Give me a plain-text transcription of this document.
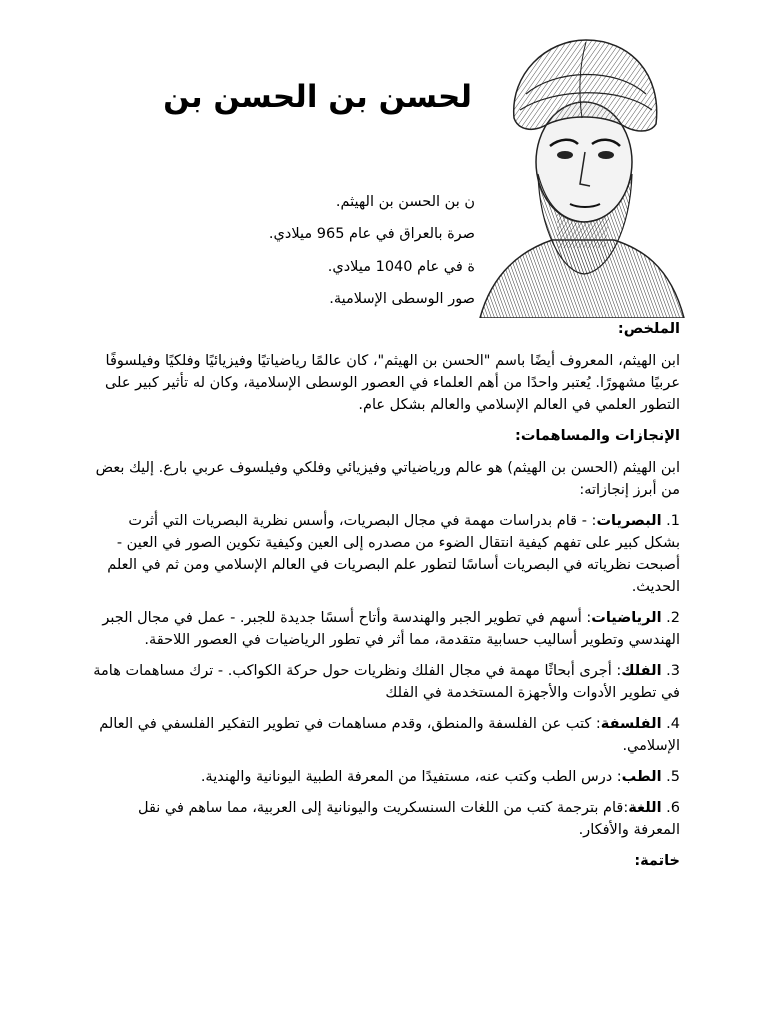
لحسن بن الحسن بن
ن بن الحسن بن الهيثم.
صرة بالعراق في عام 965 ميلادي.
ة في عام 1040 ميلادي.
صور الوسطى الإسلامية.

الملخص:

ابن الهيثم، المعروف أيضًا باسم "الحسن بن الهيثم"، كان عالمًا رياضياتيًا وفيزيائيًا وفلكيًا وفيلسوفًا عربيًا مشهورًا. يُعتبر واحدًا من أهم العلماء في العصور الوسطى الإسلامية، وكان له تأثير كبير على التطور العلمي في العالم الإسلامي والعالم بشكل عام.

الإنجازات والمساهمات:

ابن الهيثم (الحسن بن الهيثم) هو عالم ورياضياتي وفيزيائي وفلكي وفيلسوف عربي بارع. إليك بعض من أبرز إنجازاته:

1. البصريات: - قام بدراسات مهمة في مجال البصريات، وأسس نظرية البصريات التي أثرت بشكل كبير على تفهم كيفية انتقال الضوء من مصدره إلى العين وكيفية تكوين الصور في العين - أصبحت نظرياته في البصريات أساسًا لتطور علم البصريات في العالم الإسلامي ومن ثم في العلم الحديث.

2. الرياضيات: أسهم في تطوير الجبر والهندسة وأتاح أسسًا جديدة للجبر. - عمل في مجال الجبر الهندسي وتطوير أساليب حسابية متقدمة، مما أثر في تطور الرياضيات في العصور اللاحقة.

3. الفلك: أجرى أبحاثًا مهمة في مجال الفلك ونظريات حول حركة الكواكب. - ترك مساهمات هامة في تطوير الأدوات والأجهزة المستخدمة في الفلك

4. الفلسفة: كتب عن الفلسفة والمنطق، وقدم مساهمات في تطوير التفكير الفلسفي في العالم الإسلامي.

5. الطب: درس الطب وكتب عنه، مستفيدًا من المعرفة الطبية اليونانية والهندية.

6. اللغة:قام بترجمة كتب من اللغات السنسكريت واليونانية إلى العربية، مما ساهم في نقل المعرفة والأفكار.

خاتمة:
